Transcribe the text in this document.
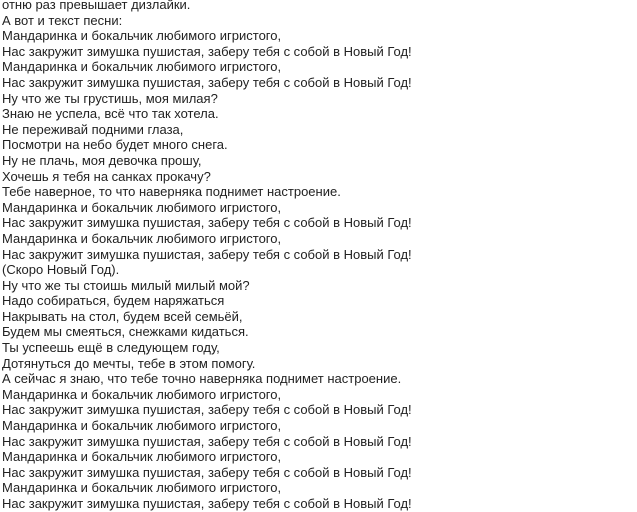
отню раз превышает дизлайки.
А вот и текст песни:
Мандаринка и бокальчик любимого игристого,
Нас закружит зимушка пушистая, заберу тебя с собой в Новый Год!
Мандаринка и бокальчик любимого игристого,
Нас закружит зимушка пушистая, заберу тебя с собой в Новый Год!
Ну что же ты грустишь, моя милая?
Знаю не успела, всё что так хотела.
Не переживай подними глаза,
Посмотри на небо будет много снега.
Ну не плачь, моя девочка прошу,
Хочешь я тебя на санках прокачу?
Тебе наверное, то что наверняка поднимет настроение.
Мандаринка и бокальчик любимого игристого,
Нас закружит зимушка пушистая, заберу тебя с собой в Новый Год!
Мандаринка и бокальчик любимого игристого,
Нас закружит зимушка пушистая, заберу тебя с собой в Новый Год!
(Скоро Новый Год).
Ну что же ты стоишь милый милый мой?
Надо собираться, будем наряжаться
Накрывать на стол, будем всей семьёй,
Будем мы смеяться, снежками кидаться.
Ты успеешь ещё в следующем году,
Дотянуться до мечты, тебе в этом помогу.
А сейчас я знаю, что тебе точно наверняка поднимет настроение.
Мандаринка и бокальчик любимого игристого,
Нас закружит зимушка пушистая, заберу тебя с собой в Новый Год!
Мандаринка и бокальчик любимого игристого,
Нас закружит зимушка пушистая, заберу тебя с собой в Новый Год!
Мандаринка и бокальчик любимого игристого,
Нас закружит зимушка пушистая, заберу тебя с собой в Новый Год!
Мандаринка и бокальчик любимого игристого,
Нас закружит зимушка пушистая, заберу тебя с собой в Новый Год!
